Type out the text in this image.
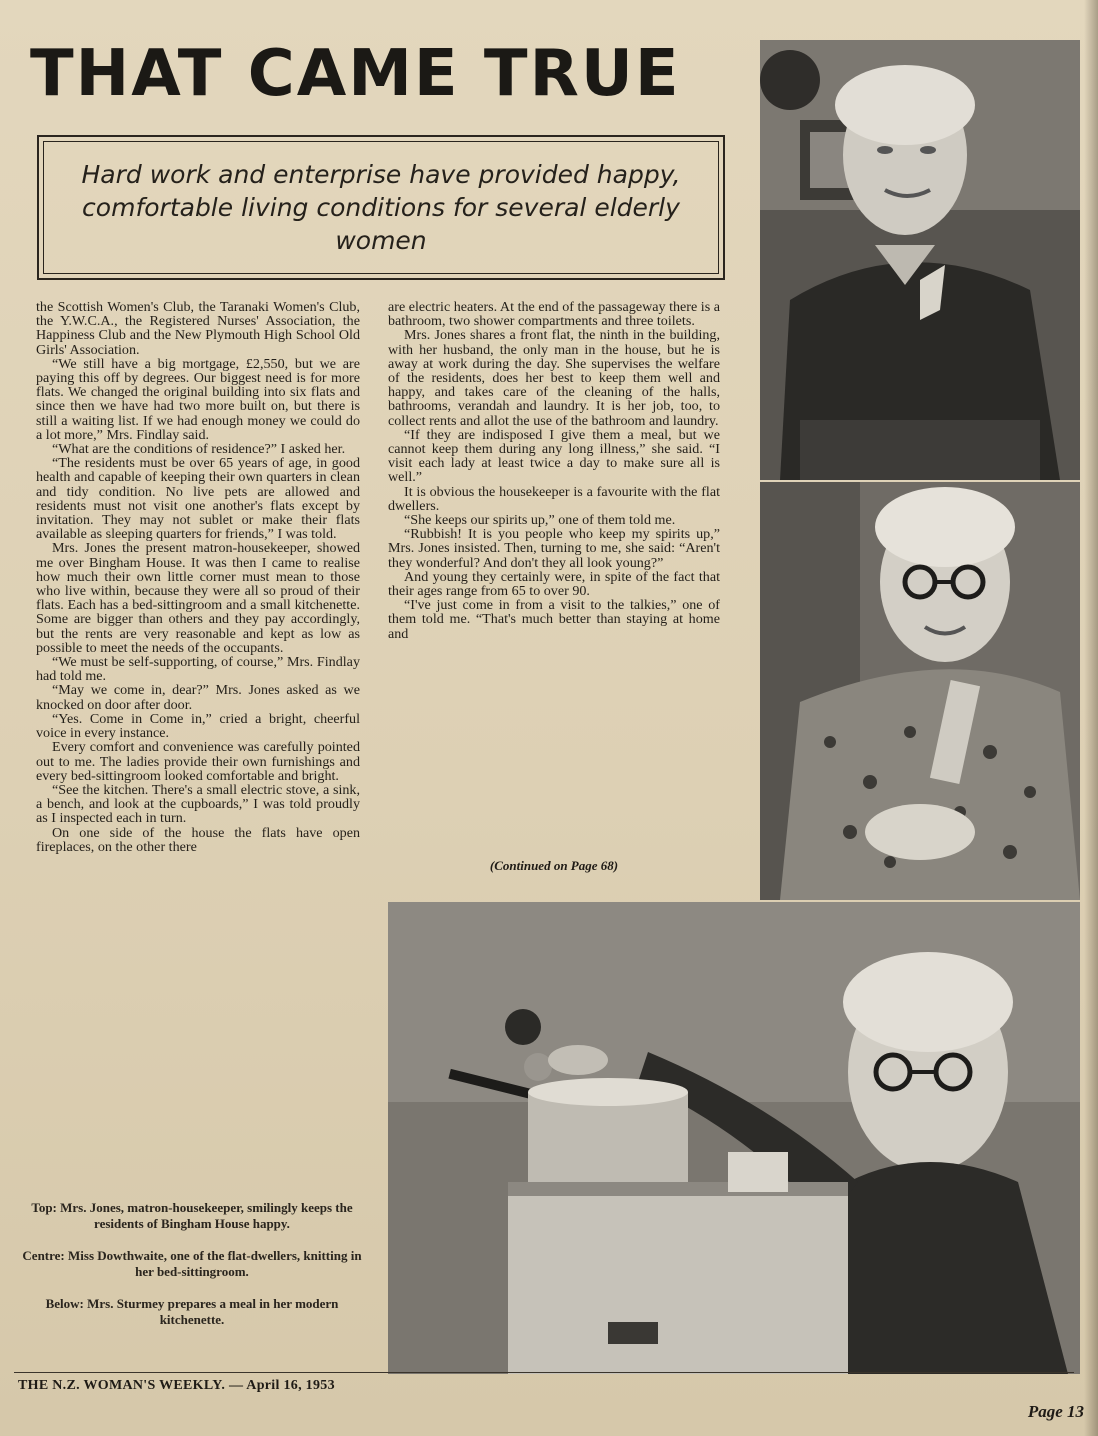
THAT CAME TRUE

Hard work and enterprise have provided happy, comfortable living conditions for several elderly women

the Scottish Women's Club, the Taranaki Women's Club, the Y.W.C.A., the Registered Nurses' Association, the Happiness Club and the New Plymouth High School Old Girls' Association.

“We still have a big mortgage, £2,550, but we are paying this off by degrees. Our biggest need is for more flats. We changed the original building into six flats and since then we have had two more built on, but there is still a waiting list. If we had enough money we could do a lot more,” Mrs. Findlay said.

“What are the conditions of residence?” I asked her.

“The residents must be over 65 years of age, in good health and capable of keeping their own quarters in clean and tidy condition. No live pets are allowed and residents must not visit one another's flats except by invitation. They may not sublet or make their flats available as sleeping quarters for friends,” I was told.

Mrs. Jones the present matron-housekeeper, showed me over Bingham House. It was then I came to realise how much their own little corner must mean to those who live within, because they were all so proud of their flats. Each has a bed-sittingroom and a small kitchenette. Some are bigger than others and they pay accordingly, but the rents are very reasonable and kept as low as possible to meet the needs of the occupants.

“We must be self-supporting, of course,” Mrs. Findlay had told me.

“May we come in, dear?” Mrs. Jones asked as we knocked on door after door.

“Yes. Come in Come in,” cried a bright, cheerful voice in every instance.

Every comfort and convenience was carefully pointed out to me. The ladies provide their own furnishings and every bed-sittingroom looked comfortable and bright.

“See the kitchen. There's a small electric stove, a sink, a bench, and look at the cupboards,” I was told proudly as I inspected each in turn.

On one side of the house the flats have open fireplaces, on the other there

are electric heaters. At the end of the passageway there is a bathroom, two shower compartments and three toilets.

Mrs. Jones shares a front flat, the ninth in the building, with her husband, the only man in the house, but he is away at work during the day. She supervises the welfare of the residents, does her best to keep them well and happy, and takes care of the cleaning of the halls, bathrooms, verandah and laundry. It is her job, too, to collect rents and allot the use of the bathroom and laundry.

“If they are indisposed I give them a meal, but we cannot keep them during any long illness,” she said. “I visit each lady at least twice a day to make sure all is well.”

It is obvious the housekeeper is a favourite with the flat dwellers.

“She keeps our spirits up,” one of them told me.

“Rubbish! It is you people who keep my spirits up,” Mrs. Jones insisted. Then, turning to me, she said: “Aren't they wonderful? And don't they all look young?”

And young they certainly were, in spite of the fact that their ages range from 65 to over 90.

“I've just come in from a visit to the talkies,” one of them told me. “That's much better than staying at home and

(Continued on Page 68)

Top: Mrs. Jones, matron-housekeeper, smilingly keeps the residents of Bingham House happy.

Centre: Miss Dowthwaite, one of the flat-dwellers, knitting in her bed-sittingroom.

Below: Mrs. Sturmey prepares a meal in her modern kitchenette.

THE N.Z. WOMAN'S WEEKLY. — April 16, 1953
Page 13
